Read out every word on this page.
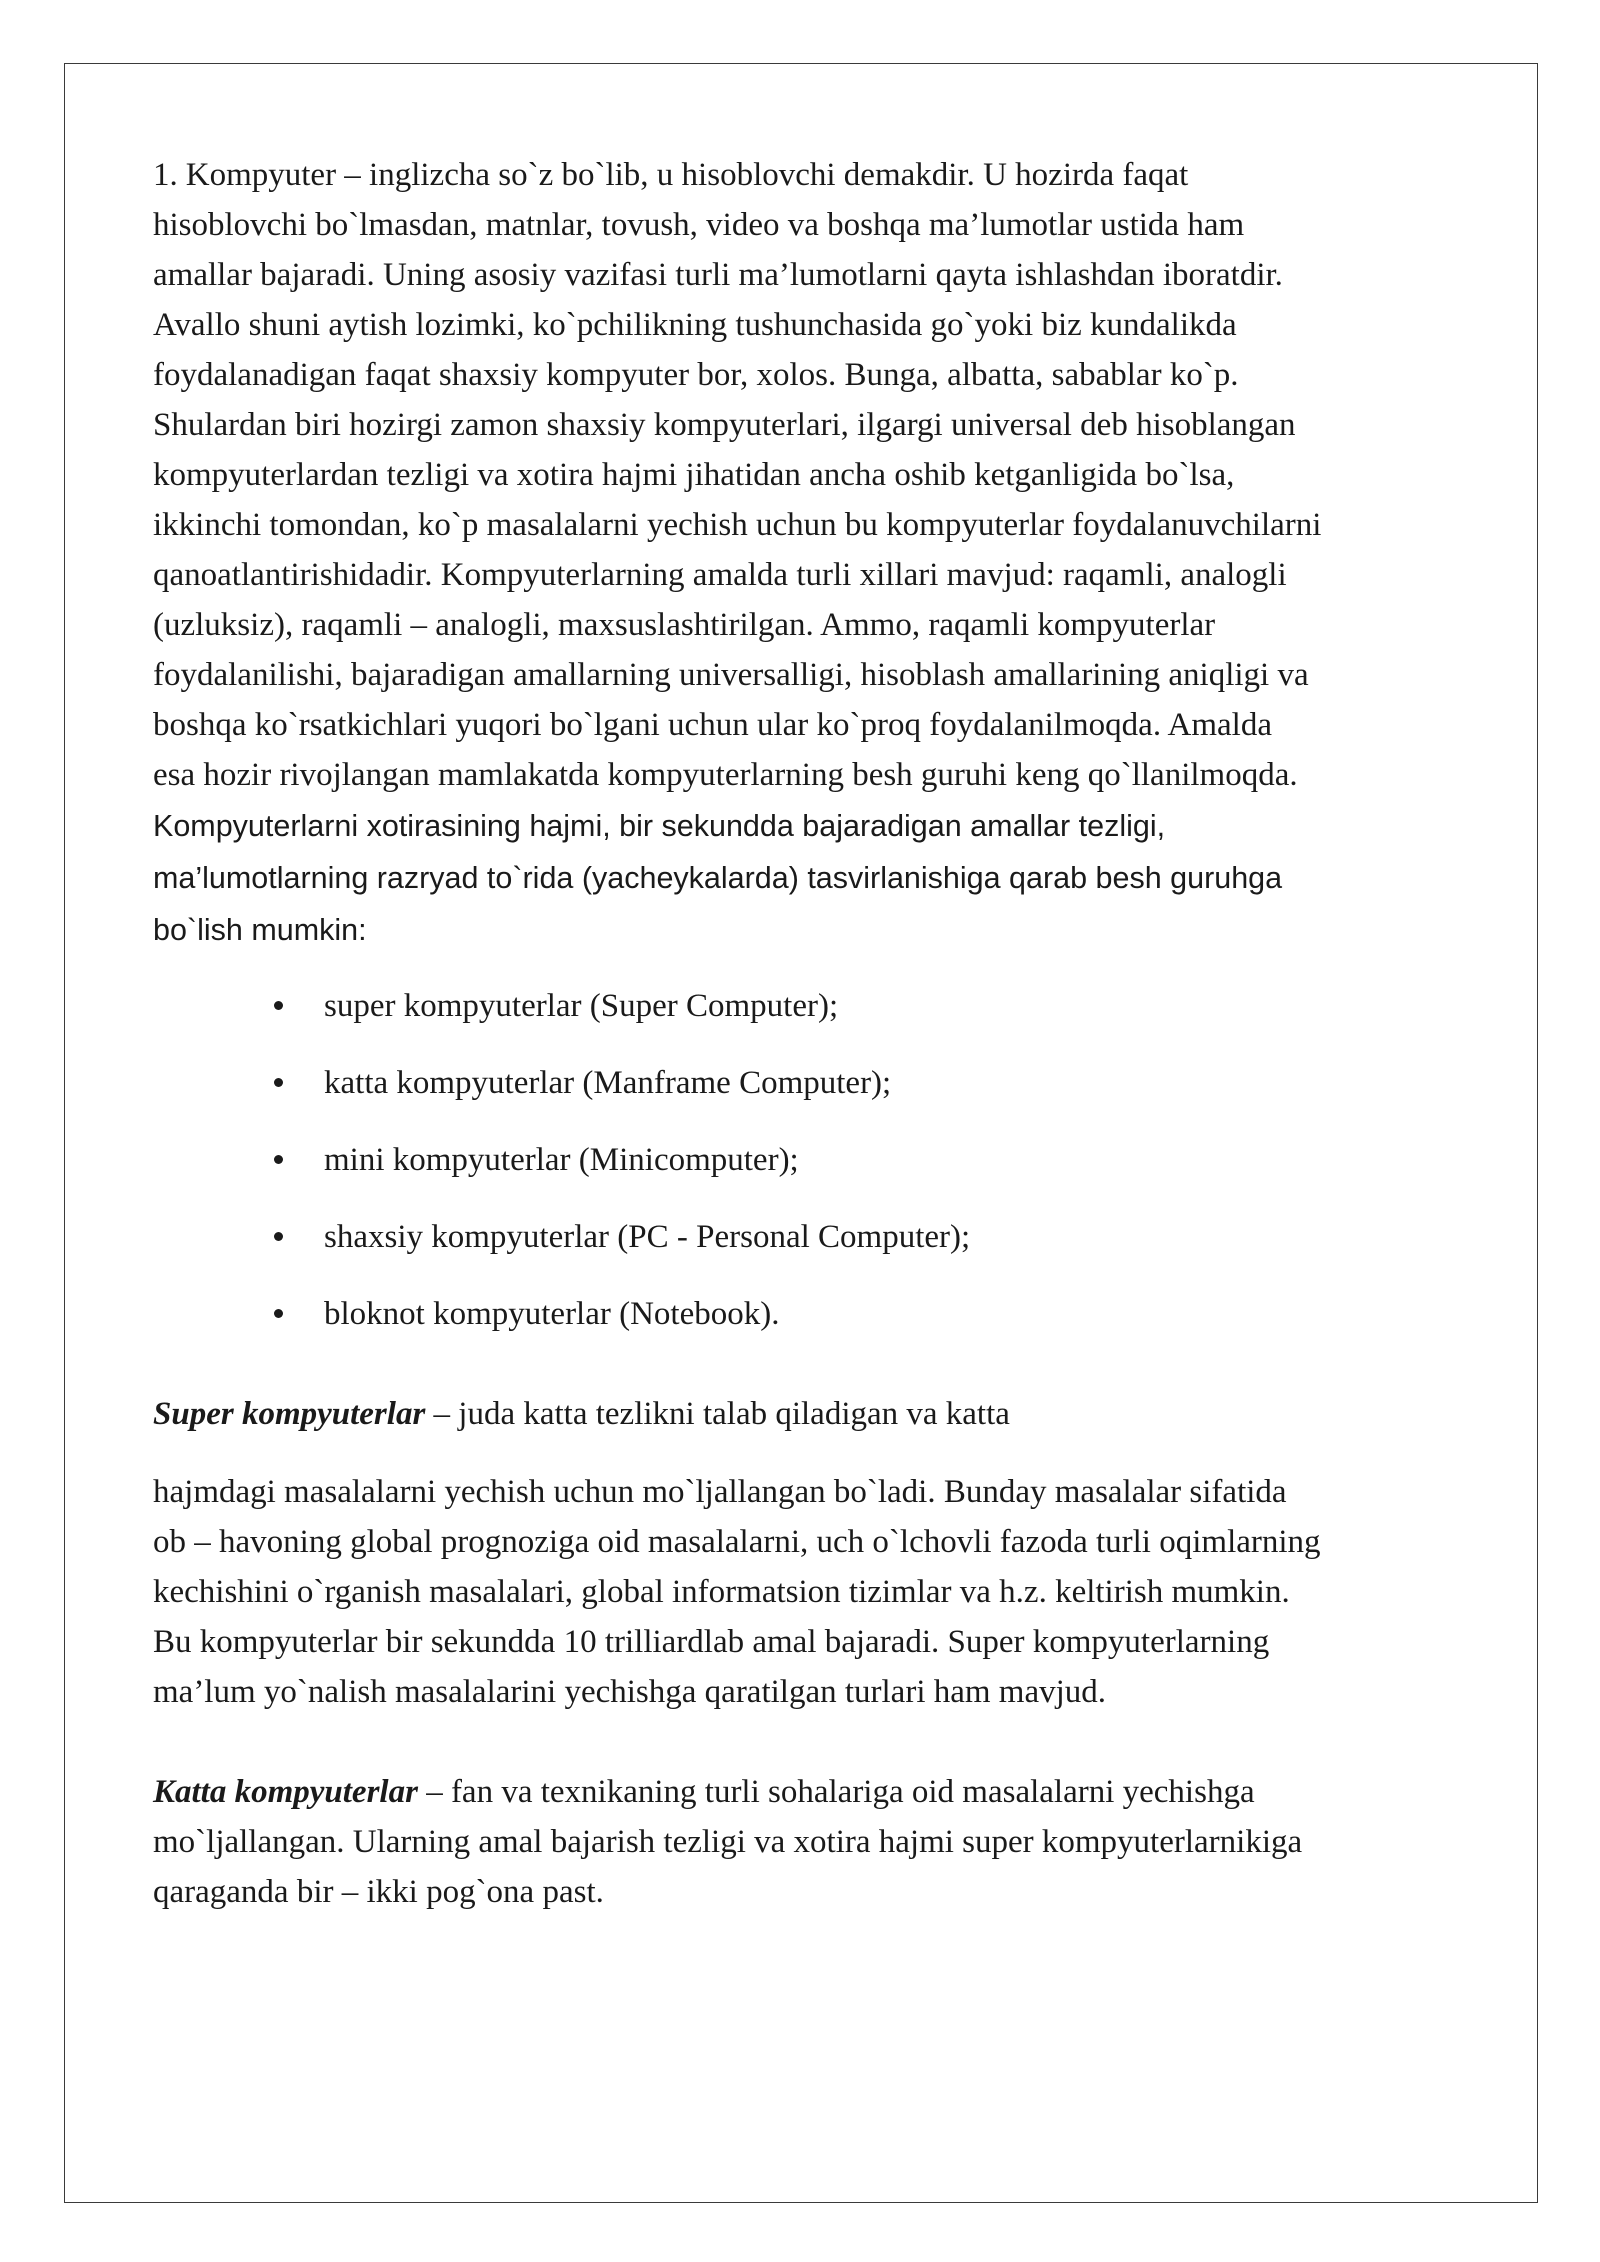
1. Kompyuter – inglizcha so`z bo`lib, u hisoblovchi demakdir. U hozirda faqat

hisoblovchi bo`lmasdan, matnlar, tovush, video va boshqa ma’lumotlar ustida ham

amallar bajaradi. Uning asosiy vazifasi turli ma’lumotlarni qayta ishlashdan iboratdir.

Avallo shuni aytish lozimki, ko`pchilikning tushunchasida go`yoki biz kundalikda

foydalanadigan faqat shaxsiy kompyuter bor, xolos. Bunga, albatta, sabablar ko`p.

Shulardan biri hozirgi zamon shaxsiy kompyuterlari, ilgargi universal deb hisoblangan

kompyuterlardan tezligi va xotira hajmi jihatidan ancha oshib ketganligida bo`lsa,

ikkinchi tomondan, ko`p masalalarni yechish uchun bu kompyuterlar foydalanuvchilarni

qanoatlantirishidadir. Kompyuterlarning amalda turli xillari mavjud: raqamli, analogli

(uzluksiz), raqamli – analogli, maxsuslashtirilgan. Ammo, raqamli kompyuterlar

foydalanilishi, bajaradigan amallarning universalligi, hisoblash amallarining aniqligi va

boshqa ko`rsatkichlari yuqori bo`lgani uchun ular ko`proq foydalanilmoqda. Amalda

esa hozir rivojlangan mamlakatda kompyuterlarning besh guruhi keng qo`llanilmoqda.

Kompyuterlarni xotirasining hajmi, bir sekundda bajaradigan amallar tezligi,

ma’lumotlarning razryad to`rida (yacheykalarda) tasvirlanishiga qarab besh guruhga

bo`lish mumkin:

super kompyuterlar (Super Computer);
katta kompyuterlar (Manframe Computer);
mini kompyuterlar (Minicomputer);
shaxsiy kompyuterlar (PC - Personal Computer);
bloknot kompyuterlar (Notebook).

Super kompyuterlar – juda katta tezlikni talab qiladigan va katta

hajmdagi masalalarni yechish uchun mo`ljallangan bo`ladi. Bunday masalalar sifatida

ob – havoning global prognoziga oid masalalarni, uch o`lchovli fazoda turli oqimlarning

kechishini o`rganish masalalari, global informatsion tizimlar va h.z. keltirish mumkin.

Bu kompyuterlar bir sekundda 10 trilliardlab amal bajaradi. Super kompyuterlarning

ma’lum yo`nalish masalalarini yechishga qaratilgan turlari ham mavjud.

Katta kompyuterlar – fan va texnikaning turli sohalariga oid masalalarni yechishga

mo`ljallangan. Ularning amal bajarish tezligi va xotira hajmi super kompyuterlarnikiga

qaraganda bir – ikki pog`ona past.
